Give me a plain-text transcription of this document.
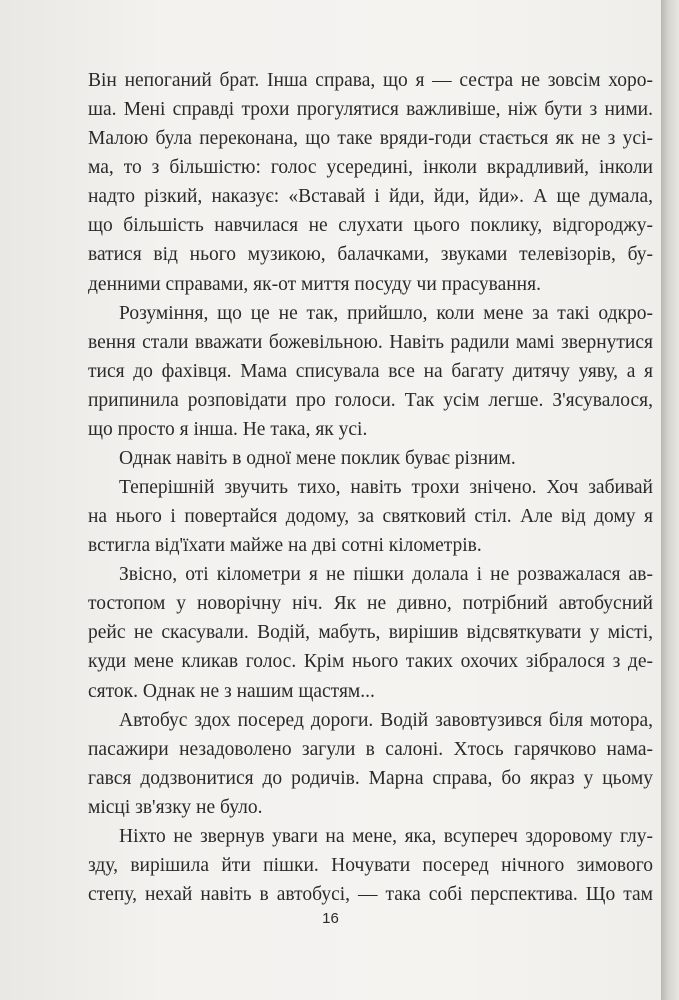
Він непоганий брат. Інша справа, що я — сестра не зовсім хоро-

ша. Мені справді трохи прогулятися важливіше, ніж бути з ними.

Малою була переконана, що таке вряди-годи стається як не з усі-

ма, то з більшістю: голос усередині, інколи вкрадливий, інколи

надто різкий, наказує: «Вставай і йди, йди, йди». А ще думала,

що більшість навчилася не слухати цього поклику, відгороджу-

ватися від нього музикою, балачками, звуками телевізорів, бу-

денними справами, як-от миття посуду чи прасування.

Розуміння, що це не так, прийшло, коли мене за такі одкро-

вення стали вважати божевільною. Навіть радили мамі звернутися

тися до фахівця. Мама списувала все на багату дитячу уяву, а я

припинила розповідати про голоси. Так усім легше. З'ясувалося,

що просто я інша. Не така, як усі.

Однак навіть в одної мене поклик буває різним.

Теперішній звучить тихо, навіть трохи знічено. Хоч забивай

на нього і повертайся додому, за святковий стіл. Але від дому я

встигла від'їхати майже на дві сотні кілометрів.

Звісно, оті кілометри я не пішки долала і не розважалася ав-

тостопом у новорічну ніч. Як не дивно, потрібний автобусний

рейс не скасували. Водій, мабуть, вирішив відсвяткувати у місті,

куди мене кликав голос. Крім нього таких охочих зібралося з де-

сяток. Однак не з нашим щастям...

Автобус здох посеред дороги. Водій завовтузився біля мотора,

пасажири незадоволено загули в салоні. Хтось гарячково нама-

гався додзвонитися до родичів. Марна справа, бо якраз у цьому

місці зв'язку не було.

Ніхто не звернув уваги на мене, яка, всупереч здоровому глу-

зду, вирішила йти пішки. Ночувати посеред нічного зимового

степу, нехай навіть в автобусі, — така собі перспектива. Що там

16
